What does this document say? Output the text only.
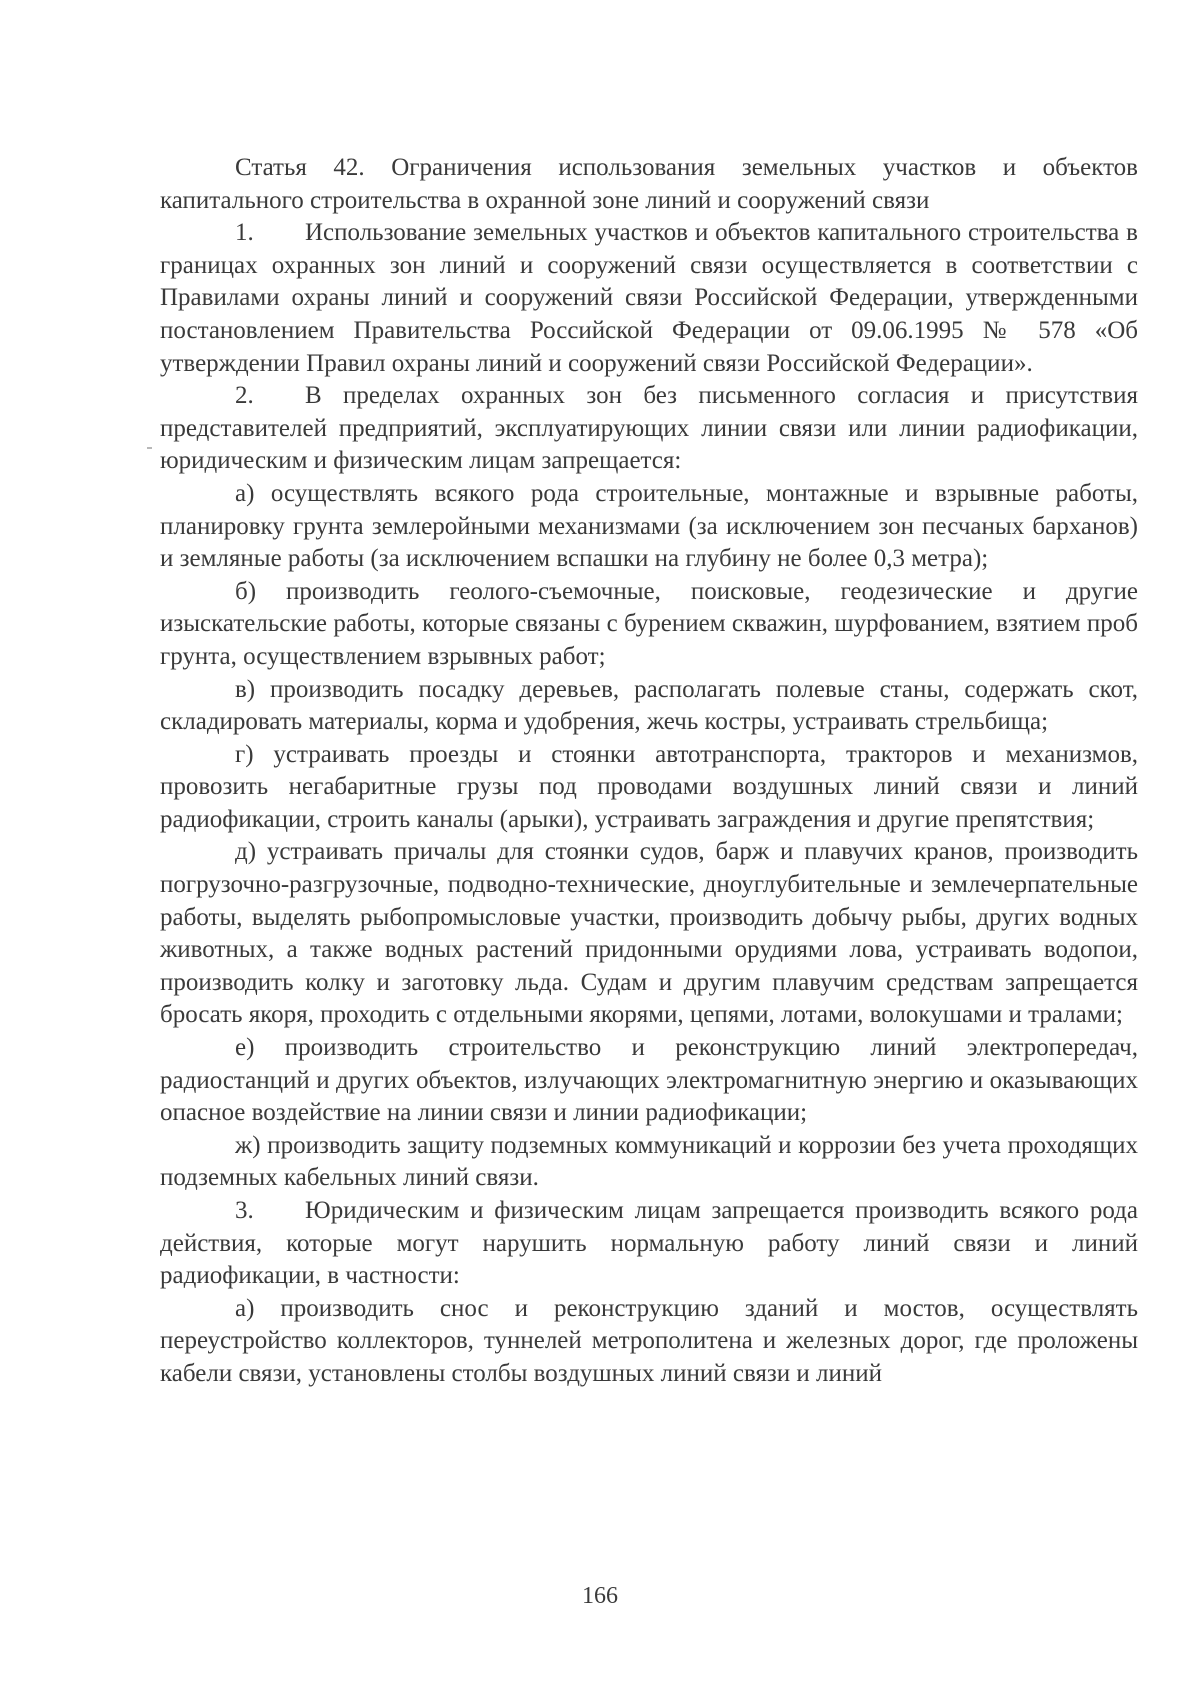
Статья 42. Ограничения использования земельных участков и объектов капитального строительства в охранной зоне линий и сооружений связи

1. Использование земельных участков и объектов капитального строительства в границах охранных зон линий и сооружений связи осуществляется в соответствии с Правилами охраны линий и сооружений связи Российской Федерации, утвержденными постановлением Правительства Российской Федерации от 09.06.1995 № 578 «Об утверждении Правил охраны линий и сооружений связи Российской Федерации».

2. В пределах охранных зон без письменного согласия и присутствия представителей предприятий, эксплуатирующих линии связи или линии радиофикации, юридическим и физическим лицам запрещается:

а) осуществлять всякого рода строительные, монтажные и взрывные работы, планировку грунта землеройными механизмами (за исключением зон песчаных барханов) и земляные работы (за исключением вспашки на глубину не более 0,3 метра);

б) производить геолого-съемочные, поисковые, геодезические и другие изыскательские работы, которые связаны с бурением скважин, шурфованием, взятием проб грунта, осуществлением взрывных работ;

в) производить посадку деревьев, располагать полевые станы, содержать скот, складировать материалы, корма и удобрения, жечь костры, устраивать стрельбища;

г) устраивать проезды и стоянки автотранспорта, тракторов и механизмов, провозить негабаритные грузы под проводами воздушных линий связи и линий радиофикации, строить каналы (арыки), устраивать заграждения и другие препятствия;

д) устраивать причалы для стоянки судов, барж и плавучих кранов, производить погрузочно-разгрузочные, подводно-технические, дноуглубительные и землечерпательные работы, выделять рыбопромысловые участки, производить добычу рыбы, других водных животных, а также водных растений придонными орудиями лова, устраивать водопои, производить колку и заготовку льда. Судам и другим плавучим средствам запрещается бросать якоря, проходить с отдельными якорями, цепями, лотами, волокушами и тралами;

е) производить строительство и реконструкцию линий электропередач, радиостанций и других объектов, излучающих электромагнитную энергию и оказывающих опасное воздействие на линии связи и линии радиофикации;

ж) производить защиту подземных коммуникаций и коррозии без учета проходящих подземных кабельных линий связи.

3. Юридическим и физическим лицам запрещается производить всякого рода действия, которые могут нарушить нормальную работу линий связи и линий радиофикации, в частности:

а) производить снос и реконструкцию зданий и мостов, осуществлять переустройство коллекторов, туннелей метрополитена и железных дорог, где проложены кабели связи, установлены столбы воздушных линий связи и линий

166
